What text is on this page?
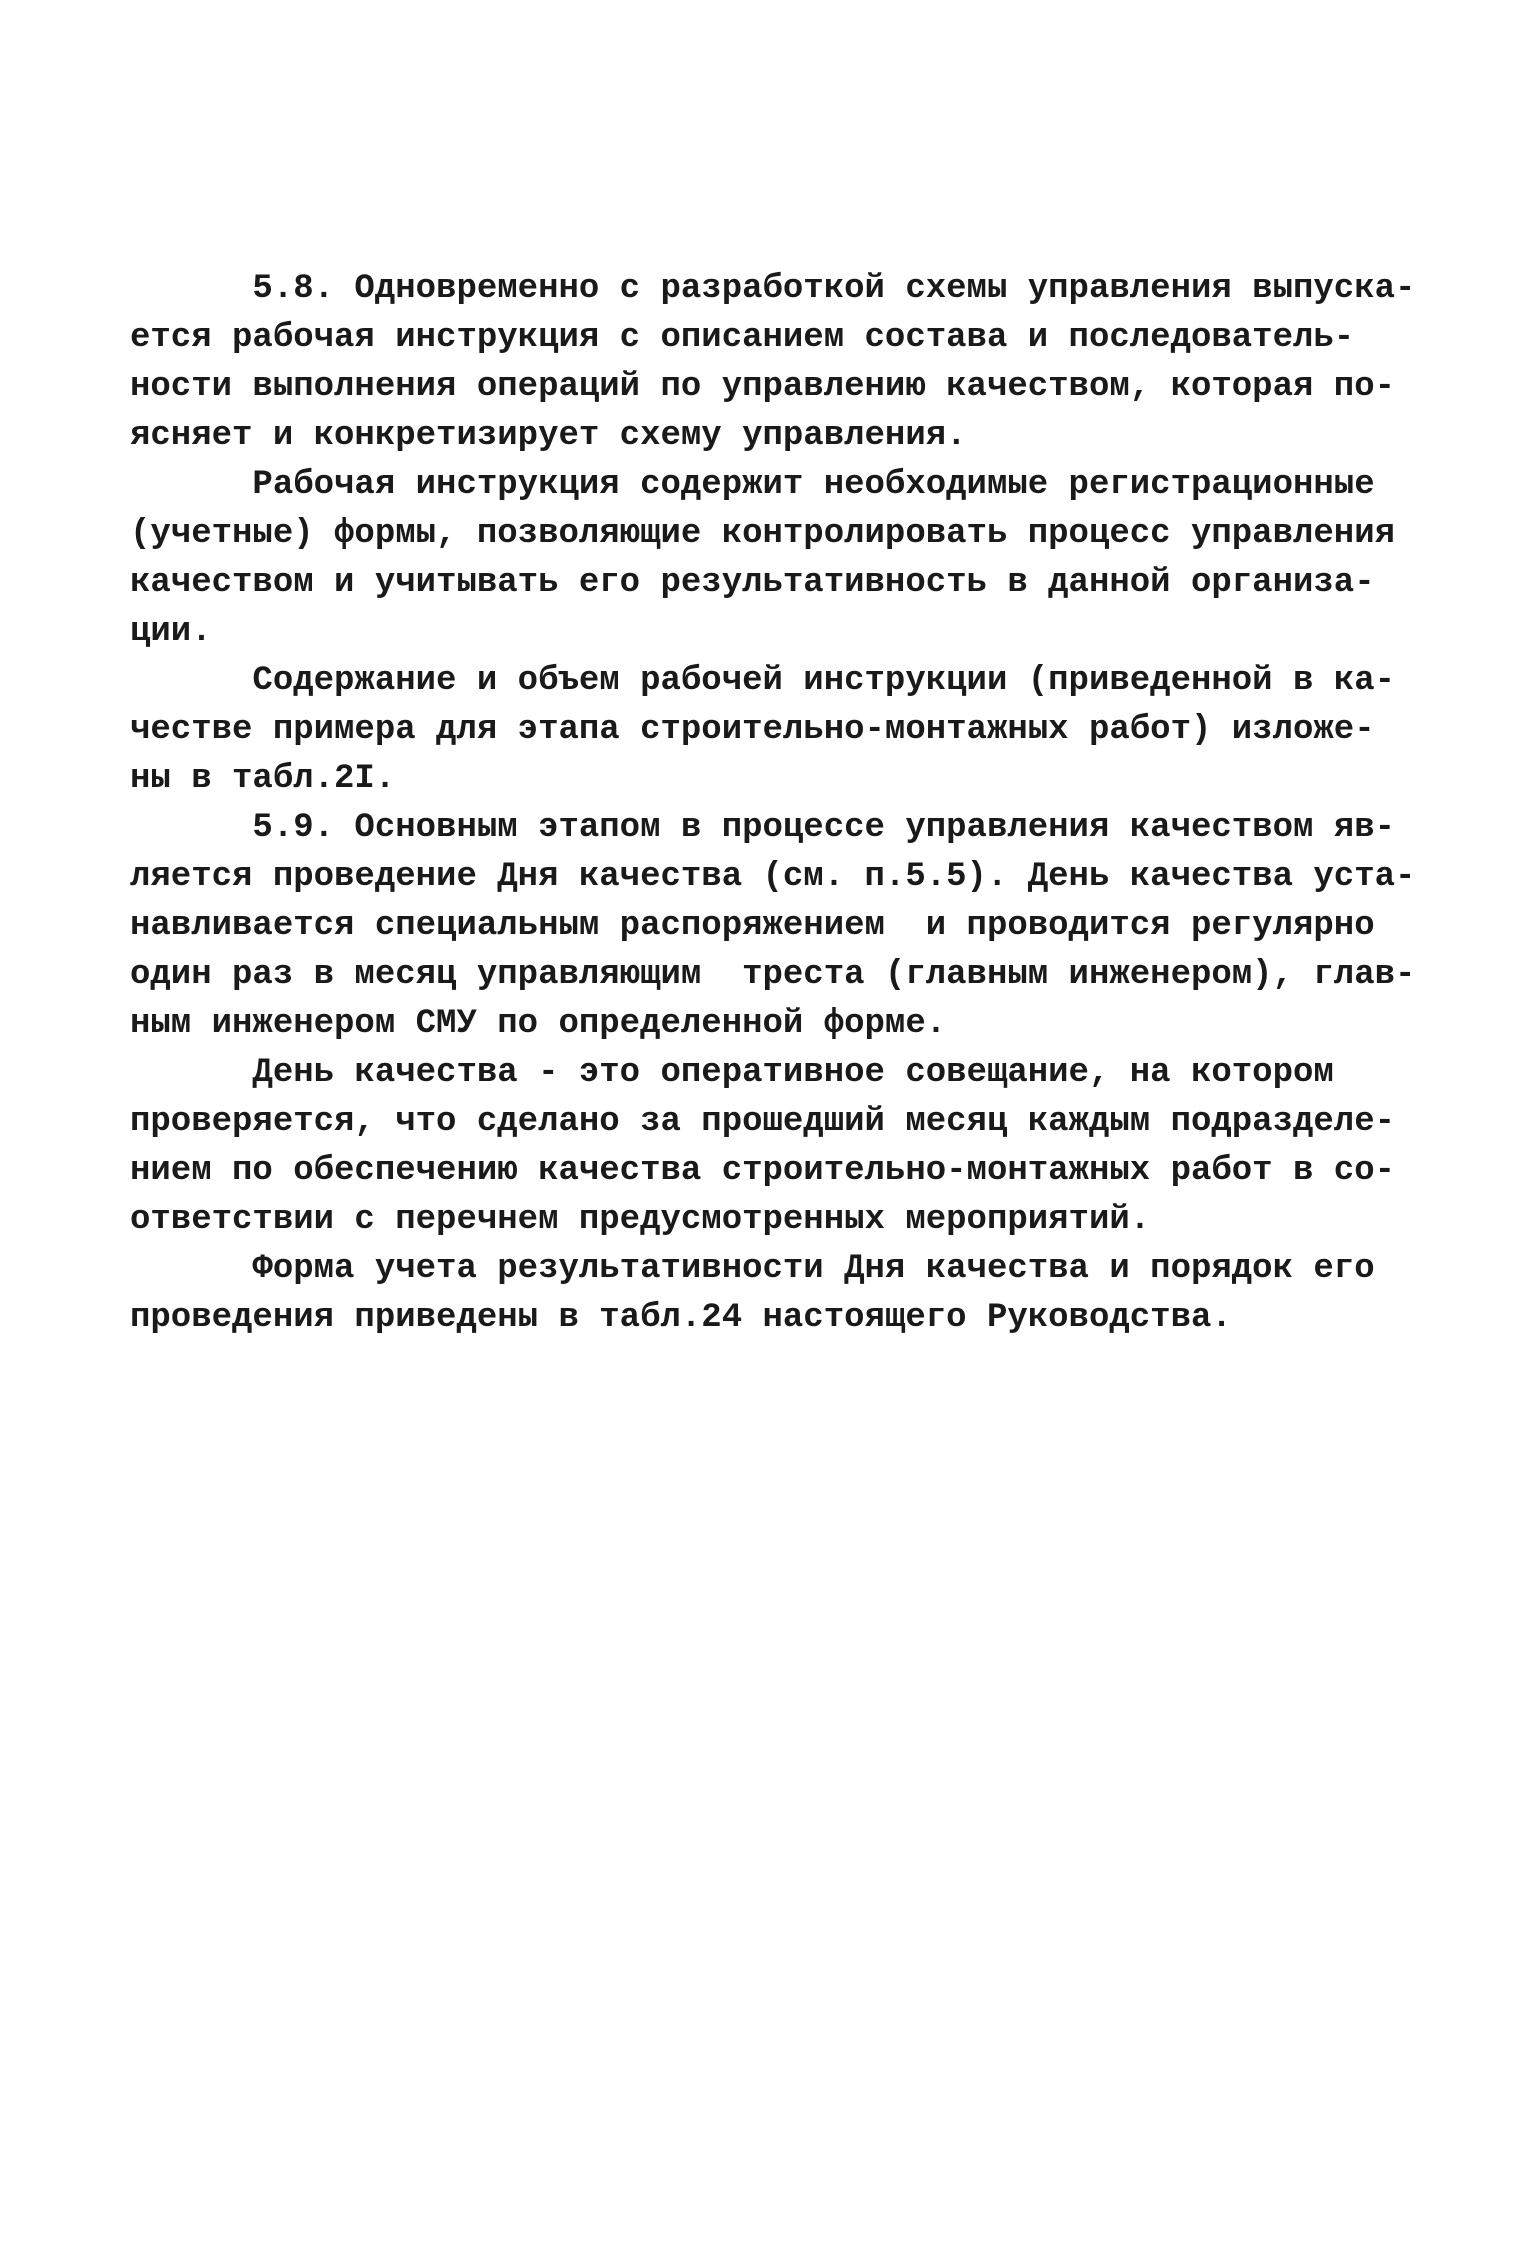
5.8. Одновременно с разработкой схемы управления выпуска-
ется рабочая инструкция с описанием состава и последователь-
ности выполнения операций по управлению качеством, которая по-
ясняет и конкретизирует схему управления.
Рабочая инструкция содержит необходимые регистрационные
(учетные) формы, позволяющие контролировать процесс управления
качеством и учитывать его результативность в данной организа-
ции.
Содержание и объем рабочей инструкции (приведенной в ка-
честве примера для этапа строительно-монтажных работ) изложе-
ны в табл.2I.
5.9. Основным этапом в процессе управления качеством яв-
ляется проведение Дня качества (см. п.5.5). День качества уста-
навливается специальным распоряжением  и проводится регулярно
один раз в месяц управляющим  треста (главным инженером), глав-
ным инженером СМУ по определенной форме.
День качества - это оперативное совещание, на котором
проверяется, что сделано за прошедший месяц каждым подразделе-
нием по обеспечению качества строительно-монтажных работ в со-
ответствии с перечнем предусмотренных мероприятий.
Форма учета результативности Дня качества и порядок его
проведения приведены в табл.24 настоящего Руководства.
